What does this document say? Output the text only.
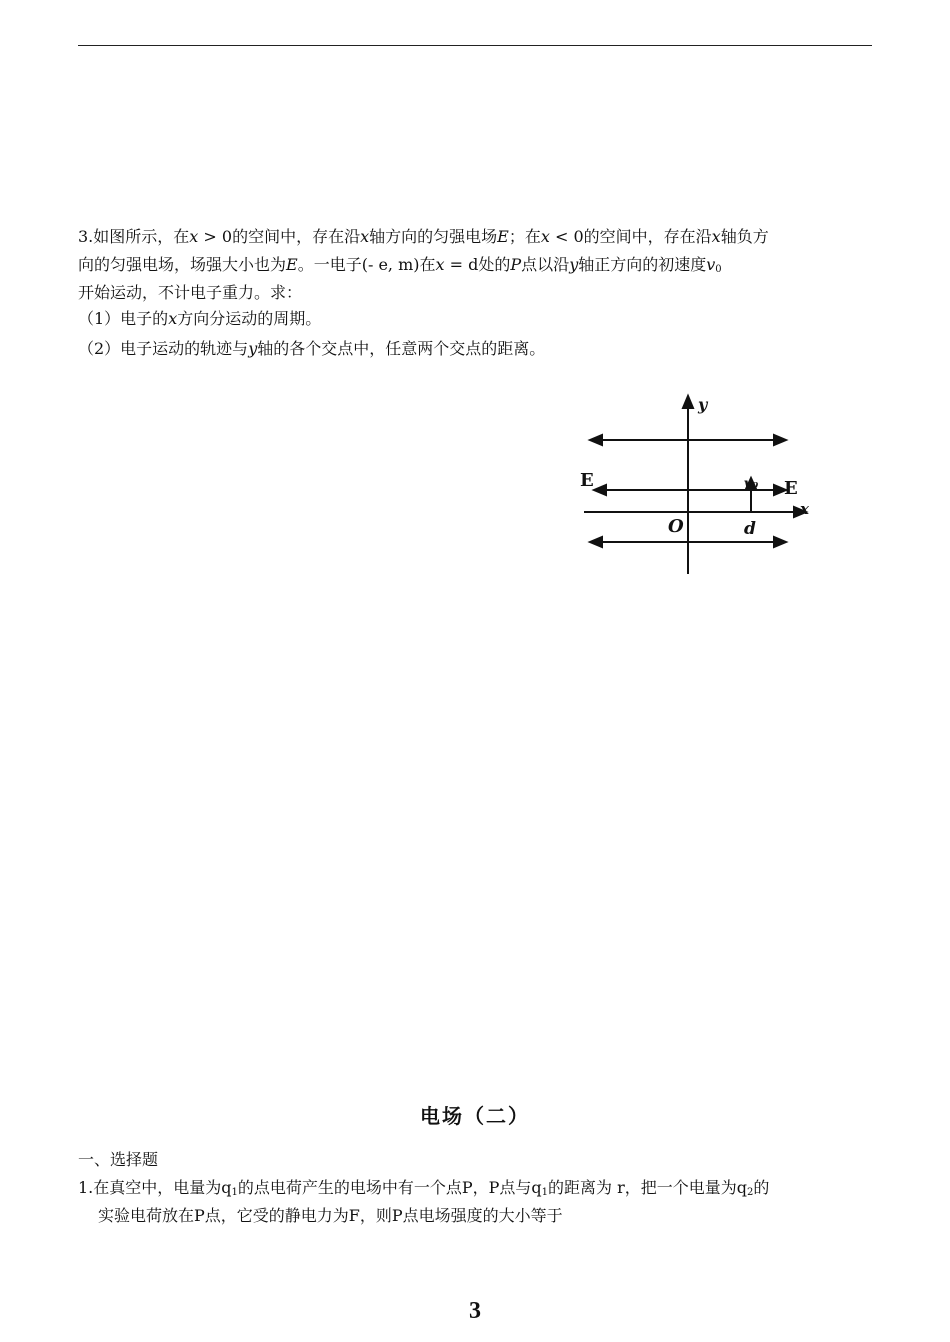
3.如图所示，在x > 0的空间中，存在沿x轴方向的匀强电场E；在x < 0的空间中，存在沿x轴负方
向的匀强电场，场强大小也为E。一电子(- e, m)在x = d处的P点以沿y轴正方向的初速度$v_0$
开始运动，不计电子重力。求：
（1）电子的x方向分运动的周期。
（2）电子运动的轨迹与y轴的各个交点中，任意两个交点的距离。
y
x
E	E
v₀
O	d
电场（二）
一、选择题
1.在真空中，电量为$q_1$的点电荷产生的电场中有一个点P，P点与$q_1$的距离为 r，把一个电量为$q_2$的
实验电荷放在P点，它受的静电力为F，则P点电场强度的大小等于
3
